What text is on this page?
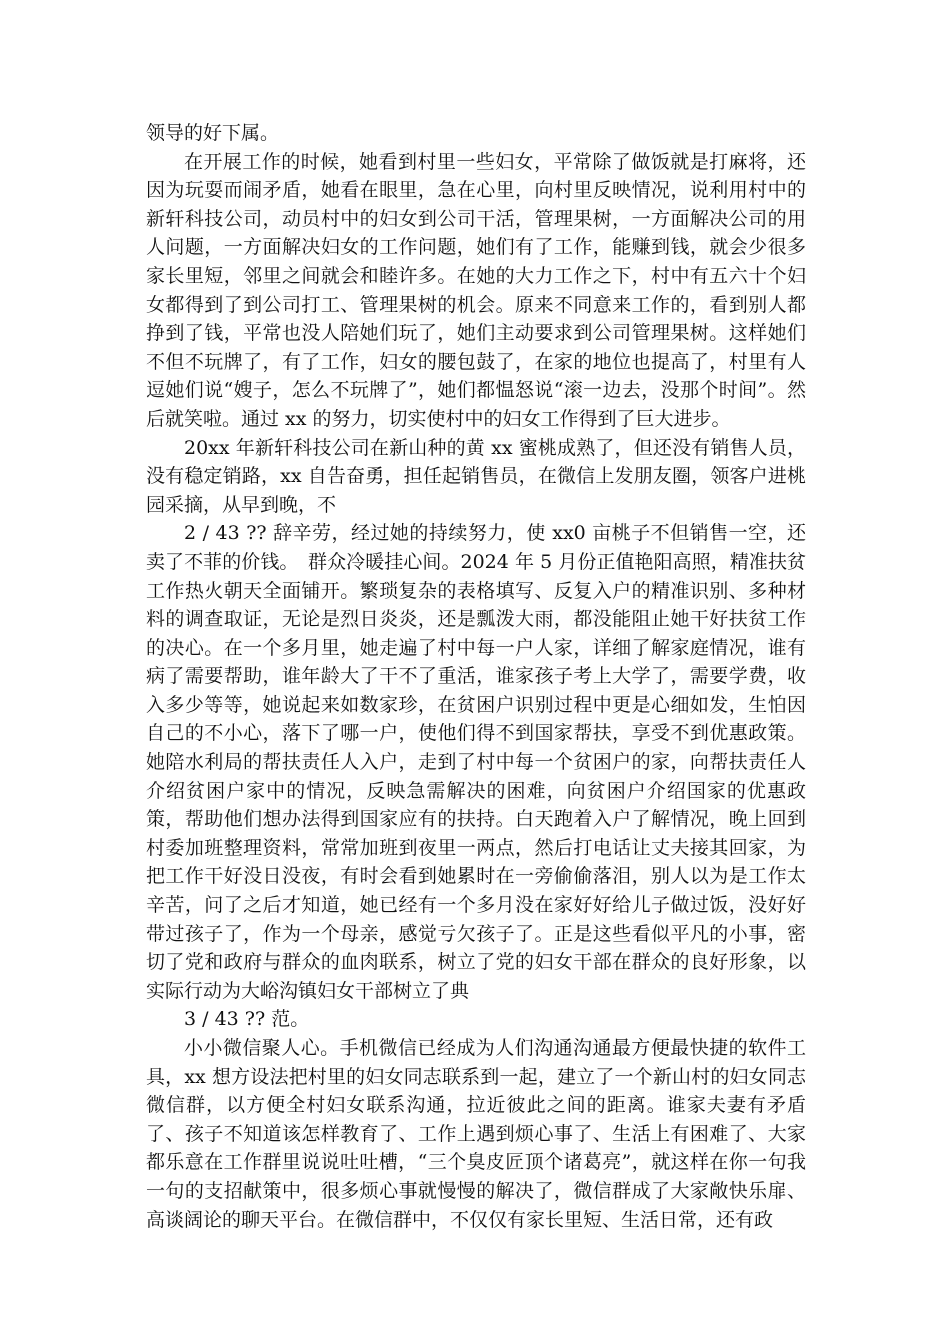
领导的好下属。

在开展工作的时候，她看到村里一些妇女，平常除了做饭就是打麻将，还因为玩耍而闹矛盾，她看在眼里，急在心里，向村里反映情况，说利用村中的新轩科技公司，动员村中的妇女到公司干活，管理果树，一方面解决公司的用人问题，一方面解决妇女的工作问题，她们有了工作，能赚到钱，就会少很多家长里短，邻里之间就会和睦许多。在她的大力工作之下，村中有五六十个妇女都得到了到公司打工、管理果树的机会。原来不同意来工作的，看到别人都挣到了钱，平常也没人陪她们玩了，她们主动要求到公司管理果树。这样她们不但不玩牌了，有了工作，妇女的腰包鼓了，在家的地位也提高了，村里有人逗她们说“嫂子，怎么不玩牌了”，她们都愠怒说“滚一边去，没那个时间”。然后就笑啦。通过 xx 的努力，切实使村中的妇女工作得到了巨大进步。

20xx 年新轩科技公司在新山种的黄 xx 蜜桃成熟了，但还没有销售人员，没有稳定销路，xx 自告奋勇，担任起销售员，在微信上发朋友圈，领客户进桃园采摘，从早到晚，不

2 / 43 ?? 辞辛劳，经过她的持续努力，使 xx0 亩桃子不但销售一空，还卖了不菲的价钱。　群众冷暖挂心间。2024 年 5 月份正值艳阳高照，精准扶贫工作热火朝天全面铺开。繁琐复杂的表格填写、反复入户的精准识别、多种材料的调查取证，无论是烈日炎炎，还是瓢泼大雨，都没能阻止她干好扶贫工作的决心。在一个多月里，她走遍了村中每一户人家，详细了解家庭情况，谁有病了需要帮助，谁年龄大了干不了重活，谁家孩子考上大学了，需要学费，收入多少等等，她说起来如数家珍，在贫困户识别过程中更是心细如发，生怕因自己的不小心，落下了哪一户，使他们得不到国家帮扶，享受不到优惠政策。她陪水利局的帮扶责任人入户，走到了村中每一个贫困户的家，向帮扶责任人介绍贫困户家中的情况，反映急需解决的困难，向贫困户介绍国家的优惠政策，帮助他们想办法得到国家应有的扶持。白天跑着入户了解情况，晚上回到村委加班整理资料，常常加班到夜里一两点，然后打电话让丈夫接其回家，为把工作干好没日没夜，有时会看到她累时在一旁偷偷落泪，别人以为是工作太辛苦，问了之后才知道，她已经有一个多月没在家好好给儿子做过饭，没好好带过孩子了，作为一个母亲，感觉亏欠孩子了。正是这些看似平凡的小事，密切了党和政府与群众的血肉联系，树立了党的妇女干部在群众的良好形象，以实际行动为大峪沟镇妇女干部树立了典

3 / 43 ?? 范。

小小微信聚人心。手机微信已经成为人们沟通沟通最方便最快捷的软件工具，xx 想方设法把村里的妇女同志联系到一起，建立了一个新山村的妇女同志微信群，以方便全村妇女联系沟通，拉近彼此之间的距离。谁家夫妻有矛盾了、孩子不知道该怎样教育了、工作上遇到烦心事了、生活上有困难了、大家都乐意在工作群里说说吐吐槽，“三个臭皮匠顶个诸葛亮”，就这样在你一句我一句的支招献策中，很多烦心事就慢慢的解决了，微信群成了大家敞快乐扉、高谈阔论的聊天平台。在微信群中，不仅仅有家长里短、生活日常，还有政
